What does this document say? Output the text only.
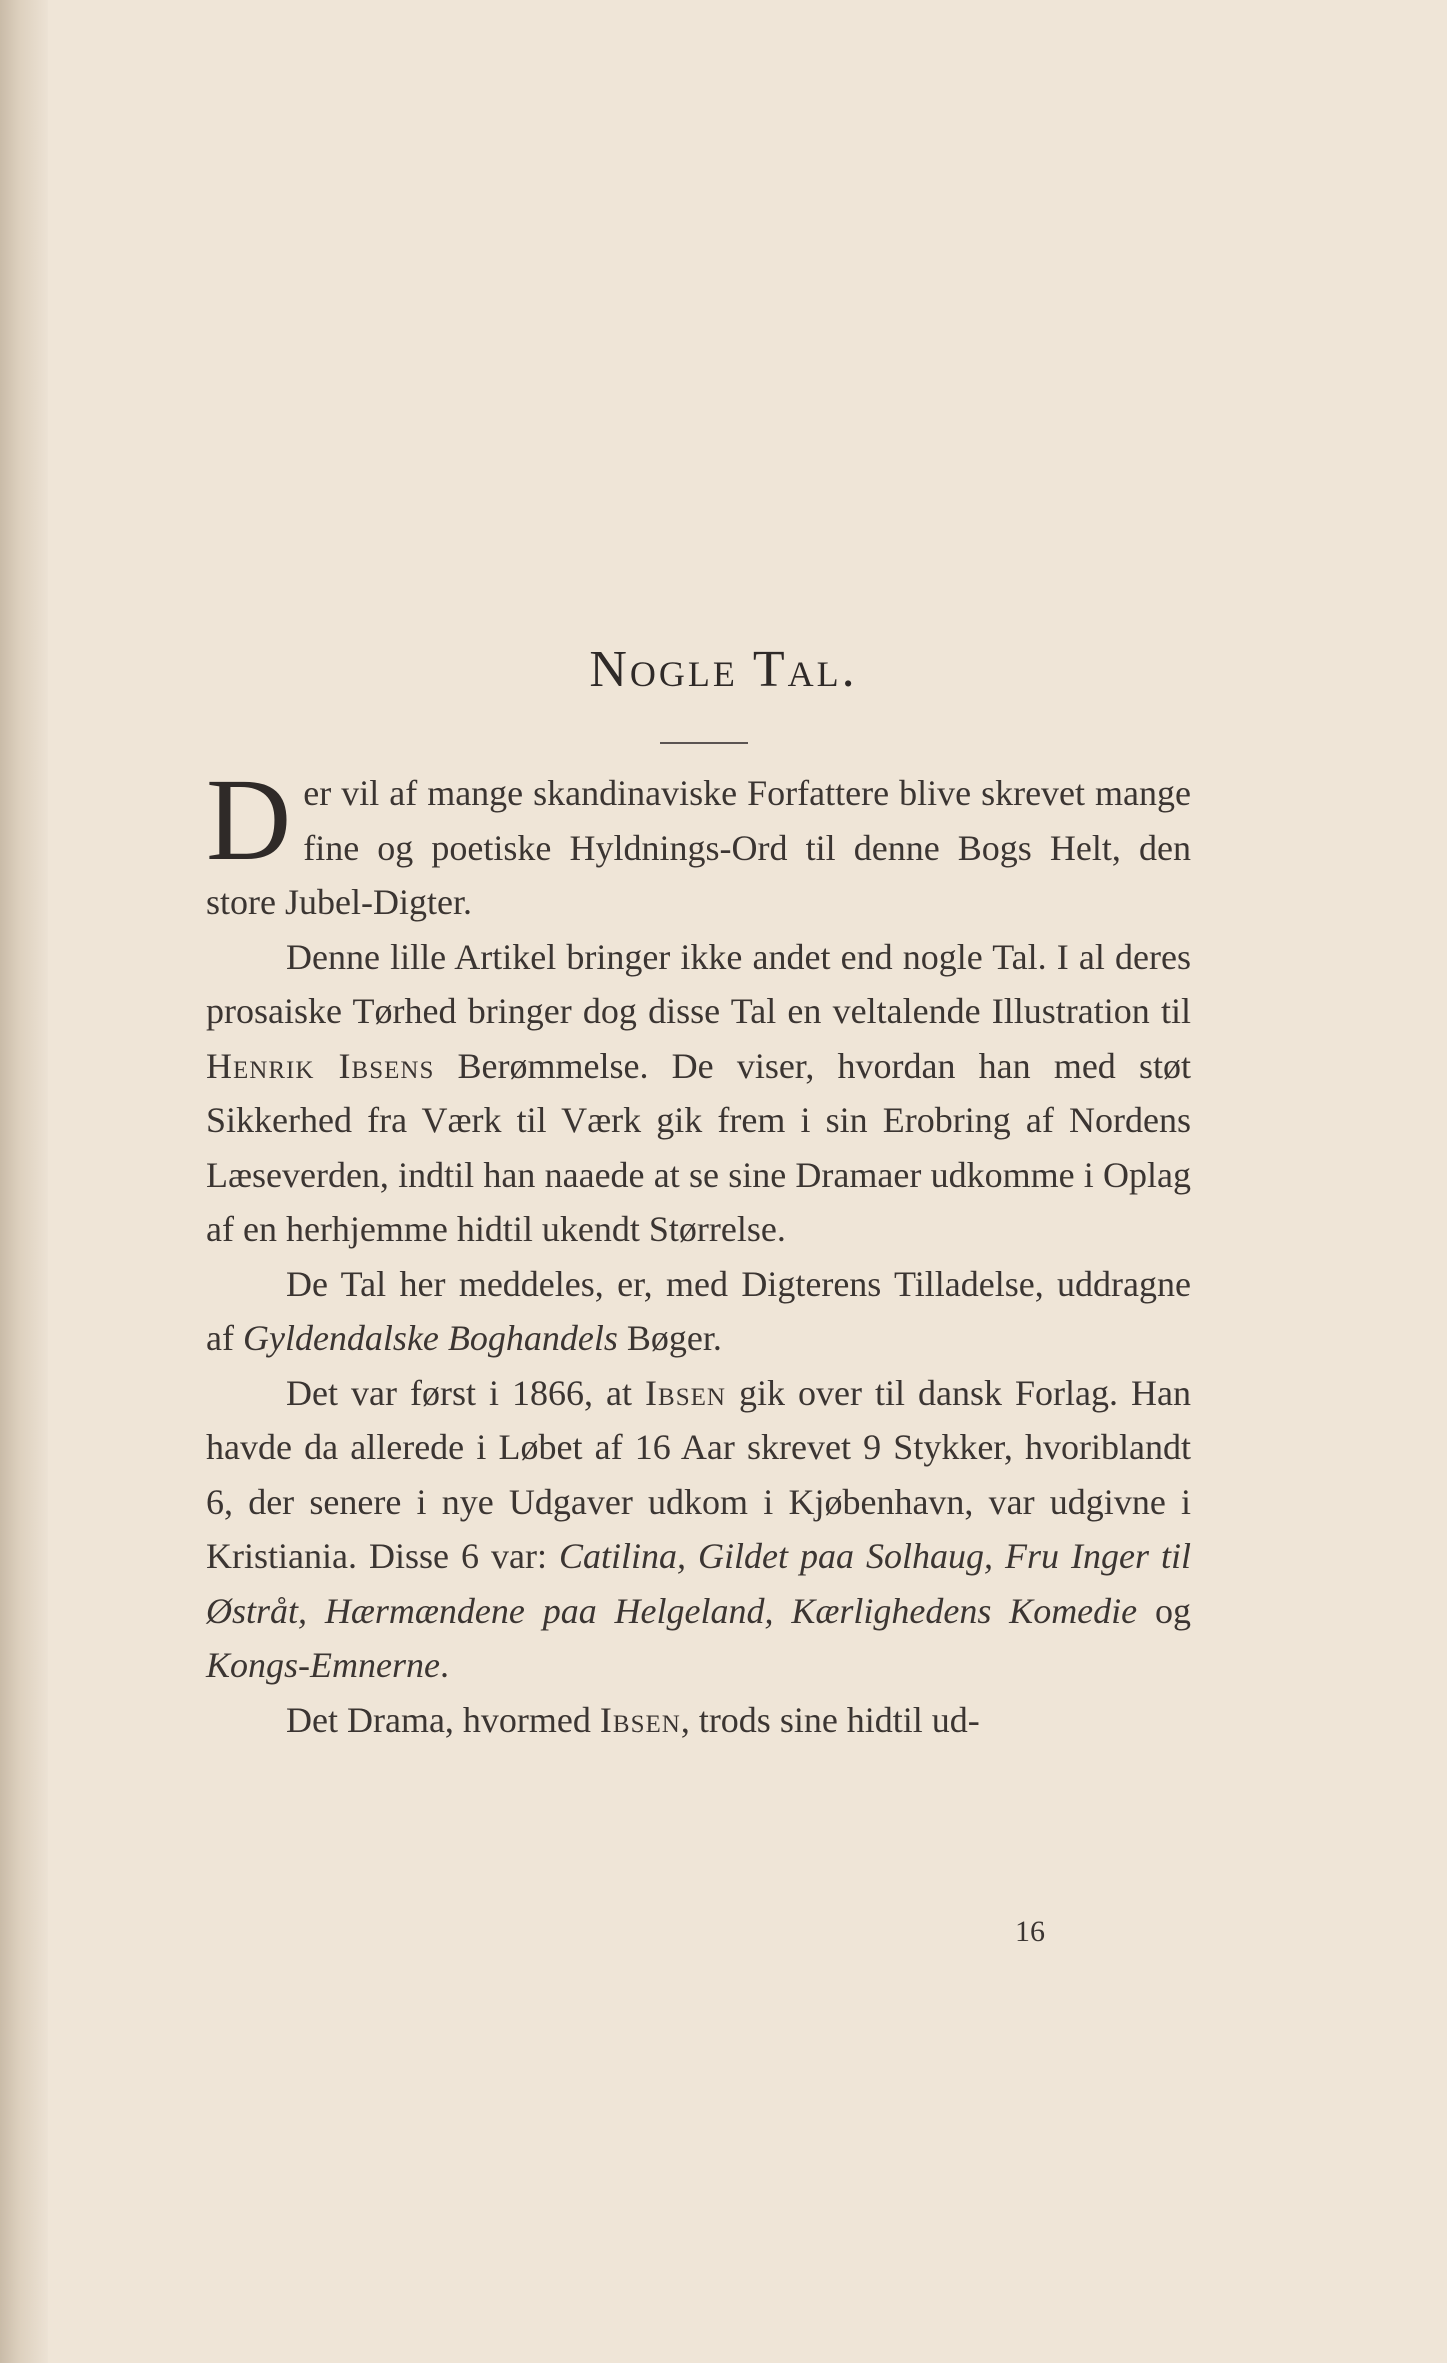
Nogle Tal.

Der vil af mange skandinaviske Forfattere blive skrevet mange fine og poetiske Hyldnings-Ord til denne Bogs Helt, den store Jubel-Digter.

Denne lille Artikel bringer ikke andet end nogle Tal. I al deres prosaiske Tørhed bringer dog disse Tal en veltalende Illustration til Henrik Ibsens Berømmelse. De viser, hvordan han med støt Sikkerhed fra Værk til Værk gik frem i sin Erobring af Nordens Læseverden, indtil han naaede at se sine Dramaer udkomme i Oplag af en herhjemme hidtil ukendt Størrelse.

De Tal her meddeles, er, med Digterens Tilladelse, uddragne af Gyldendalske Boghandels Bøger.

Det var først i 1866, at Ibsen gik over til dansk Forlag. Han havde da allerede i Løbet af 16 Aar skrevet 9 Stykker, hvoriblandt 6, der senere i nye Udgaver udkom i Kjøbenhavn, var udgivne i Kristiania. Disse 6 var: Catilina, Gildet paa Solhaug, Fru Inger til Østråt, Hærmændene paa Helgeland, Kærlighedens Komedie og Kongs-Emnerne.

Det Drama, hvormed Ibsen, trods sine hidtil ud-

16
